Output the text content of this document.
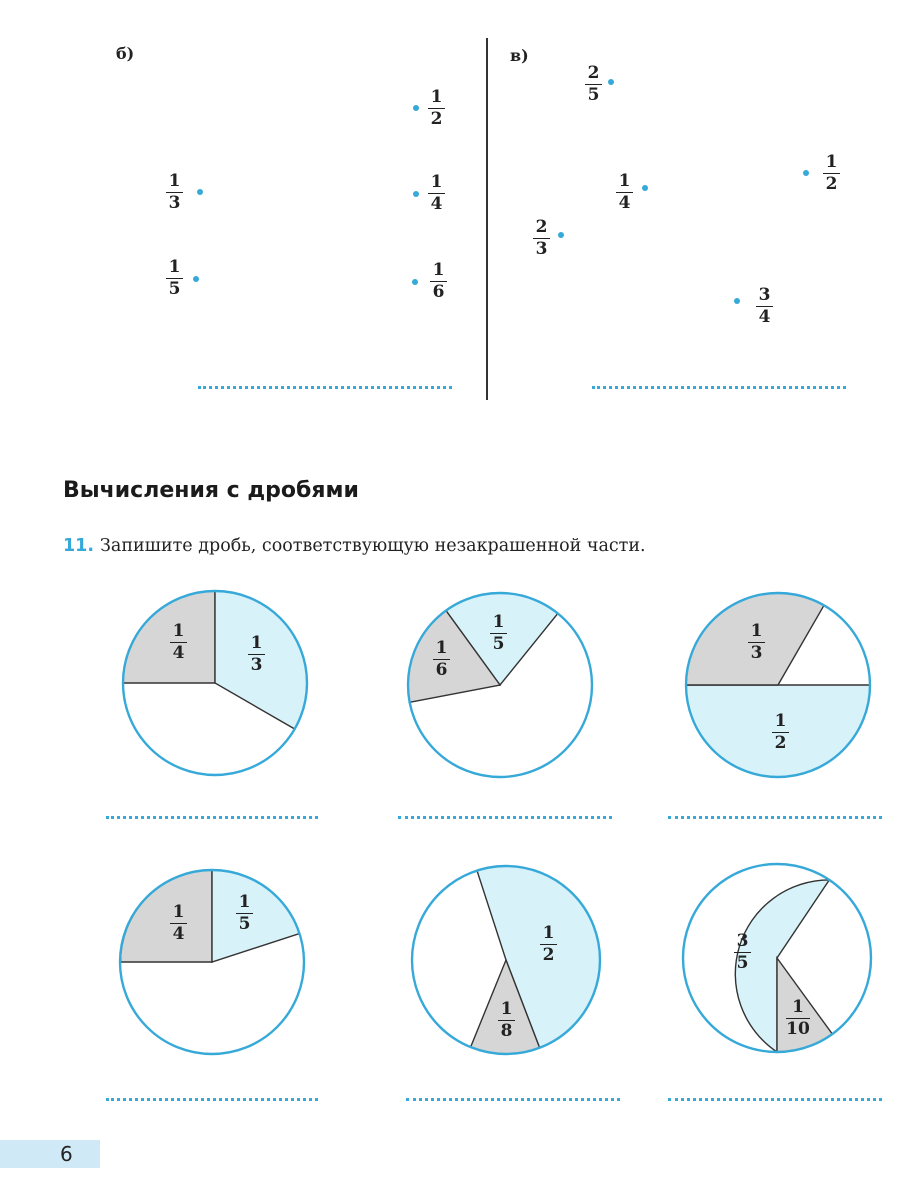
б)
1
2
1
3
1
4
1
5
1
6
в)
2
5
1
2
1
4
2
3
3
4
Вычисления с дробями
11. Запишите дробь, соответствующую незакрашенной части.
1
4	1
3
1
6
1
5
1
3
1
2
1
4
1
5	1
2
1
8
3
5
1
10
6
